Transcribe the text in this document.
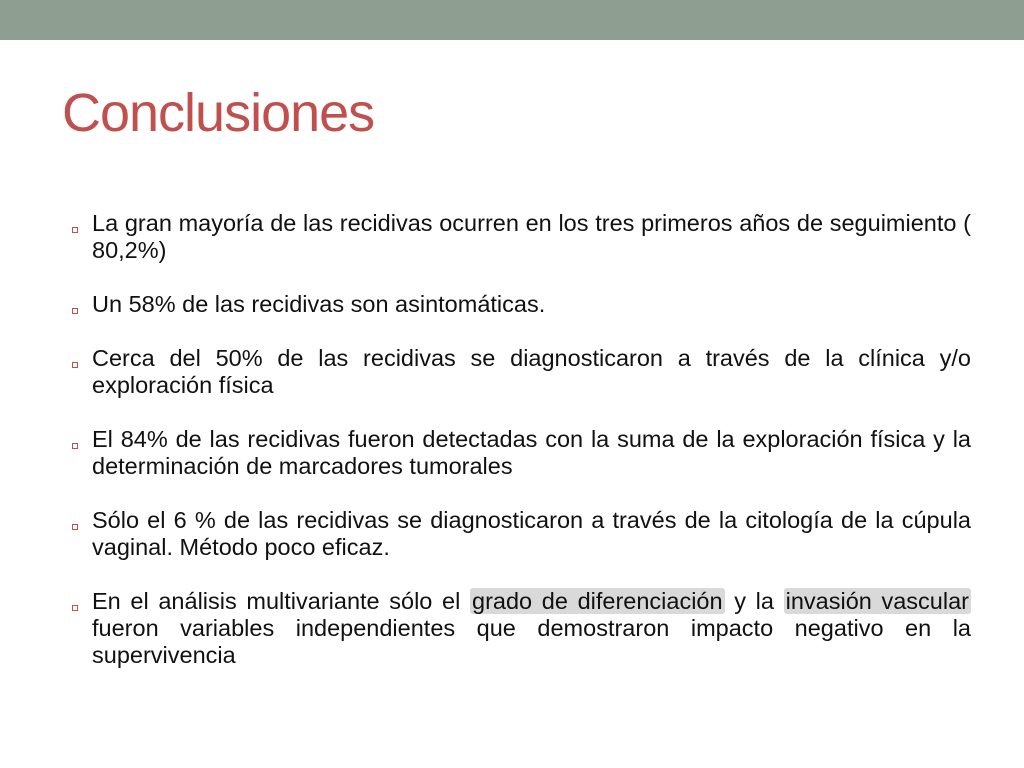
Conclusiones
La gran mayoría de las recidivas ocurren en los tres primeros años de seguimiento ( 80,2%)
Un 58% de las recidivas son asintomáticas.
Cerca del 50% de las recidivas se diagnosticaron a través de la clínica y/o exploración física
El 84% de las recidivas fueron detectadas con la suma de la exploración física y la determinación de marcadores tumorales
Sólo el 6 % de las recidivas se diagnosticaron a través de la citología de la cúpula vaginal. Método poco eficaz.
En el análisis multivariante sólo el grado de diferenciación y la invasión vascular fueron variables independientes que demostraron impacto negativo en la supervivencia
